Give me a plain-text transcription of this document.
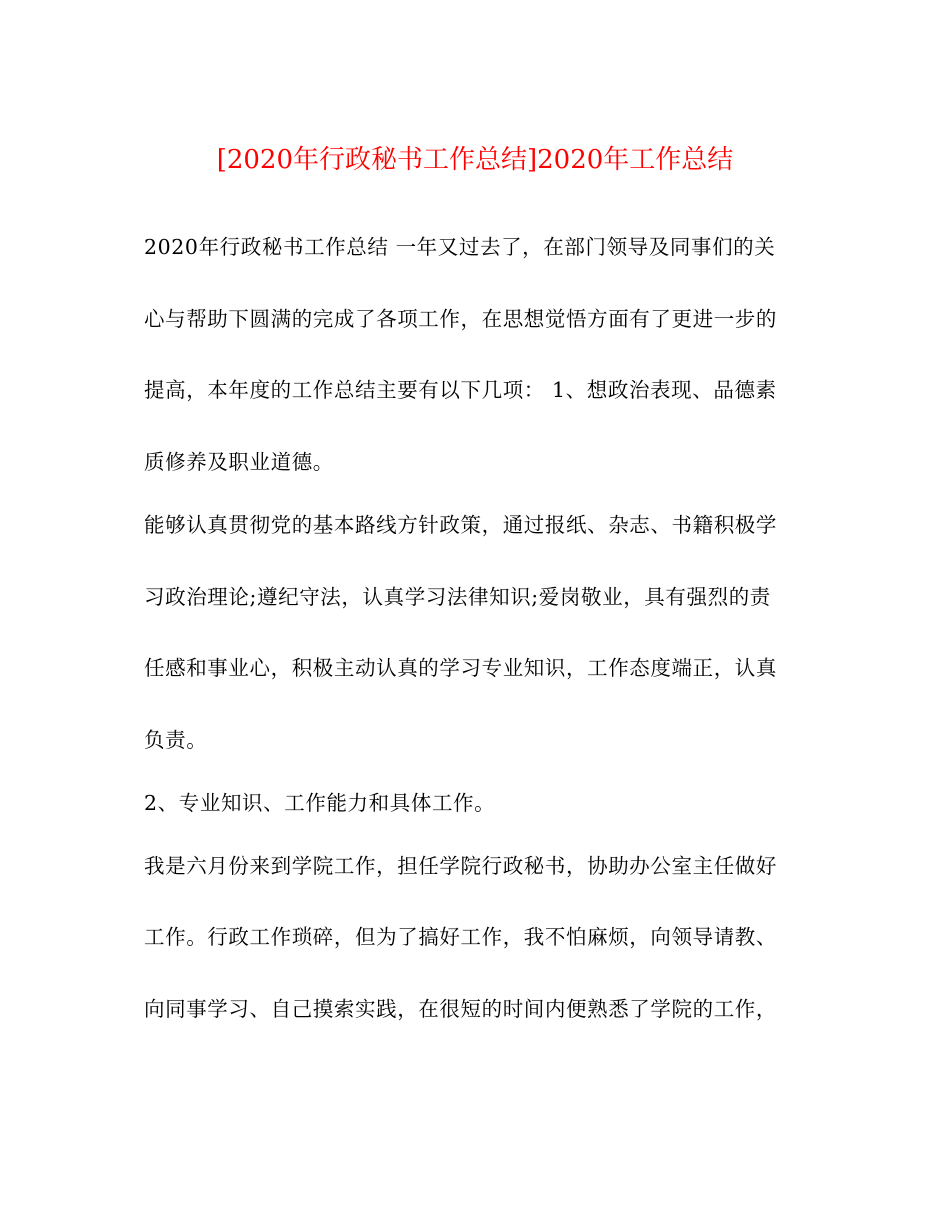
[2020年行政秘书工作总结]2020年工作总结
2020年行政秘书工作总结 一年又过去了，在部门领导及同事们的关
心与帮助下圆满的完成了各项工作，在思想觉悟方面有了更进一步的
提高，本年度的工作总结主要有以下几项： 1、想政治表现、品德素
质修养及职业道德。
能够认真贯彻党的基本路线方针政策，通过报纸、杂志、书籍积极学
习政治理论;遵纪守法，认真学习法律知识;爱岗敬业，具有强烈的责
任感和事业心，积极主动认真的学习专业知识，工作态度端正，认真
负责。
2、专业知识、工作能力和具体工作。
我是六月份来到学院工作，担任学院行政秘书，协助办公室主任做好
工作。行政工作琐碎，但为了搞好工作，我不怕麻烦，向领导请教、
向同事学习、自己摸索实践，在很短的时间内便熟悉了学院的工作，
